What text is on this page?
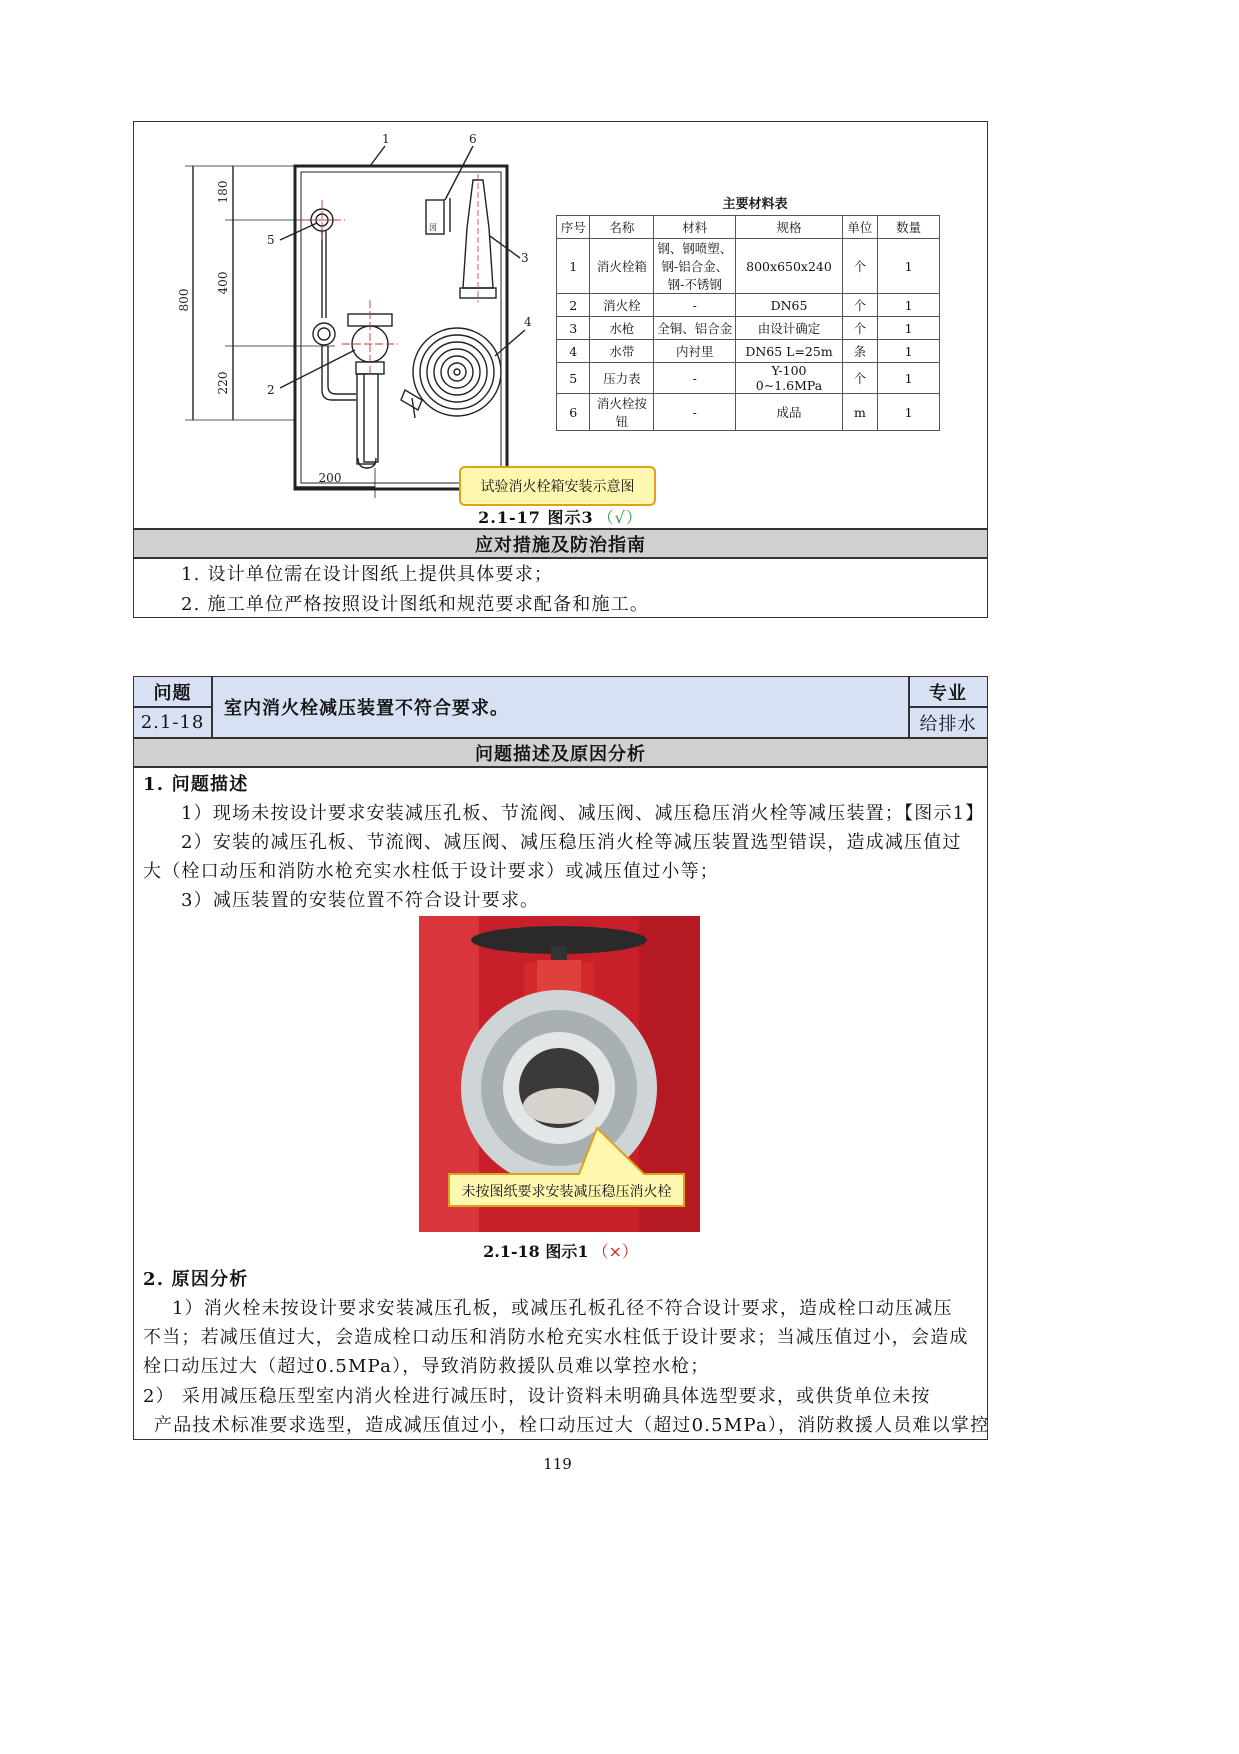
800
180
400
220
200
1	6
5
3
4
2
図
主要材料表
序号	名称	材料	规格	单位	数量
1	消火栓箱	钢、钢喷塑、
钢-铝合金、
钢-不锈钢	800x650x240	个	1
2	消火栓	-	DN65	个	1
3	水枪	全铜、铝合金	由设计确定	个	1
4	水带	内衬里	DN65 L=25m	条	1
5	压力表	-	Y-100 0~1.6MPa	个	1
6	消火栓按钮	-	成品	m	1
试验消火栓箱安装示意图
2.1-17 图示3 （√）
应对措施及防治指南
1. 设计单位需在设计图纸上提供具体要求；
2. 施工单位严格按照设计图纸和规范要求配备和施工。
问题
2.1-18
室内消火栓减压装置不符合要求。
专业
给排水
问题描述及原因分析
1. 问题描述
1）现场未按设计要求安装减压孔板、节流阀、减压阀、减压稳压消火栓等减压装置；【图示1】
2）安装的减压孔板、节流阀、减压阀、减压稳压消火栓等减压装置选型错误，造成减压值过
大（栓口动压和消防水枪充实水柱低于设计要求）或减压值过小等；
3）减压装置的安装位置不符合设计要求。
未按图纸要求安装减压稳压消火栓
2.1-18 图示1 （×）
2. 原因分析
1）消火栓未按设计要求安装减压孔板，或减压孔板孔径不符合设计要求，造成栓口动压减压
不当；若减压值过大，会造成栓口动压和消防水枪充实水柱低于设计要求；当减压值过小，会造成
栓口动压过大（超过0.5MPa），导致消防救援队员难以掌控水枪；
2） 采用减压稳压型室内消火栓进行减压时，设计资料未明确具体选型要求，或供货单位未按
产品技术标准要求选型，造成减压值过小，栓口动压过大（超过0.5MPa），消防救援人员难以掌控
119
